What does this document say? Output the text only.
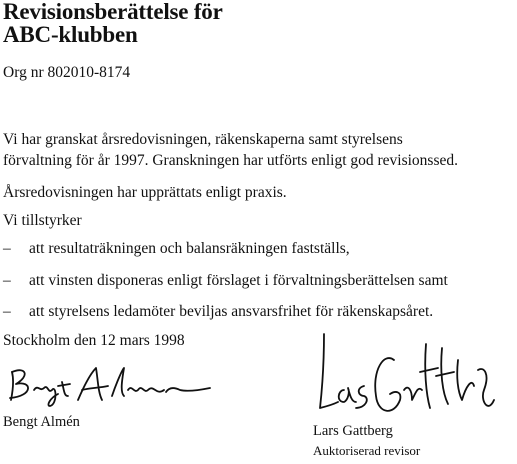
Revisionsberättelse för
ABC-klubben
Org nr 802010-8174
Vi har granskat årsredovisningen, räkenskaperna samt styrelsens
förvaltning för år 1997. Granskningen har utförts enligt god revisionssed.
Årsredovisningen har upprättats enligt praxis.
Vi tillstyrker
– att resultaträkningen och balansräkningen fastställs,
– att vinsten disponeras enligt förslaget i förvaltningsberättelsen samt
– att styrelsens ledamöter beviljas ansvarsfrihet för räkenskapsåret.
Stockholm den 12 mars 1998
Bengt Almén
Lars Gattberg
Auktoriserad revisor
